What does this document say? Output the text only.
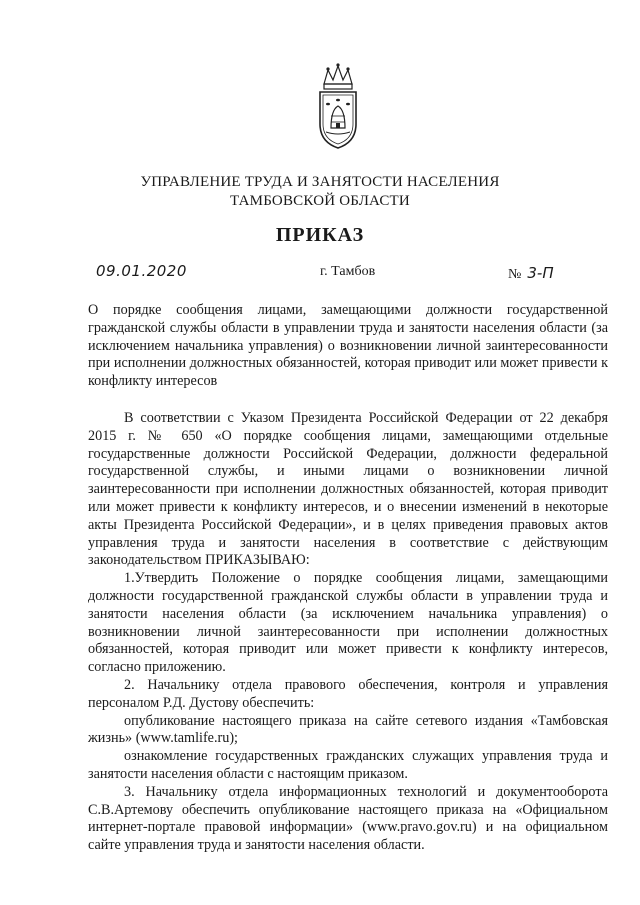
УПРАВЛЕНИЕ ТРУДА И ЗАНЯТОСТИ НАСЕЛЕНИЯ
ТАМБОВСКОЙ ОБЛАСТИ
ПРИКАЗ
09.01.2020	г. Тамбов	№ 3-П
О порядке сообщения лицами, замещающими должности государственной гражданской службы области в управлении труда и занятости населения области (за исключением начальника управления) о возникновении личной заинтересованности при исполнении должностных обязанностей, которая приводит или может привести к конфликту интересов

В соответствии с Указом Президента Российской Федерации от 22 декабря 2015 г. № 650 «О порядке сообщения лицами, замещающими отдельные государственные должности Российской Федерации, должности федеральной государственной службы, и иными лицами о возникновении личной заинтересованности при исполнении должностных обязанностей, которая приводит или может привести к конфликту интересов, и о внесении изменений в некоторые акты Президента Российской Федерации», и в целях приведения правовых актов управления труда и занятости населения в соответствие с действующим законодательством ПРИКАЗЫВАЮ:

1.Утвердить Положение о порядке сообщения лицами, замещающими должности государственной гражданской службы области в управлении труда и занятости населения области (за исключением начальника управления) о возникновении личной заинтересованности при исполнении должностных обязанностей, которая приводит или может привести к конфликту интересов, согласно приложению.

2. Начальнику отдела правового обеспечения, контроля и управления персоналом Р.Д. Дустову обеспечить:

опубликование настоящего приказа на сайте сетевого издания «Тамбовская жизнь» (www.tamlife.ru);

ознакомление государственных гражданских служащих управления труда и занятости населения области с настоящим приказом.

3. Начальнику отдела информационных технологий и документооборота С.В.Артемову обеспечить опубликование настоящего приказа на «Официальном интернет-портале правовой информации» (www.pravo.gov.ru) и на официальном сайте управления труда и занятости населения области.
